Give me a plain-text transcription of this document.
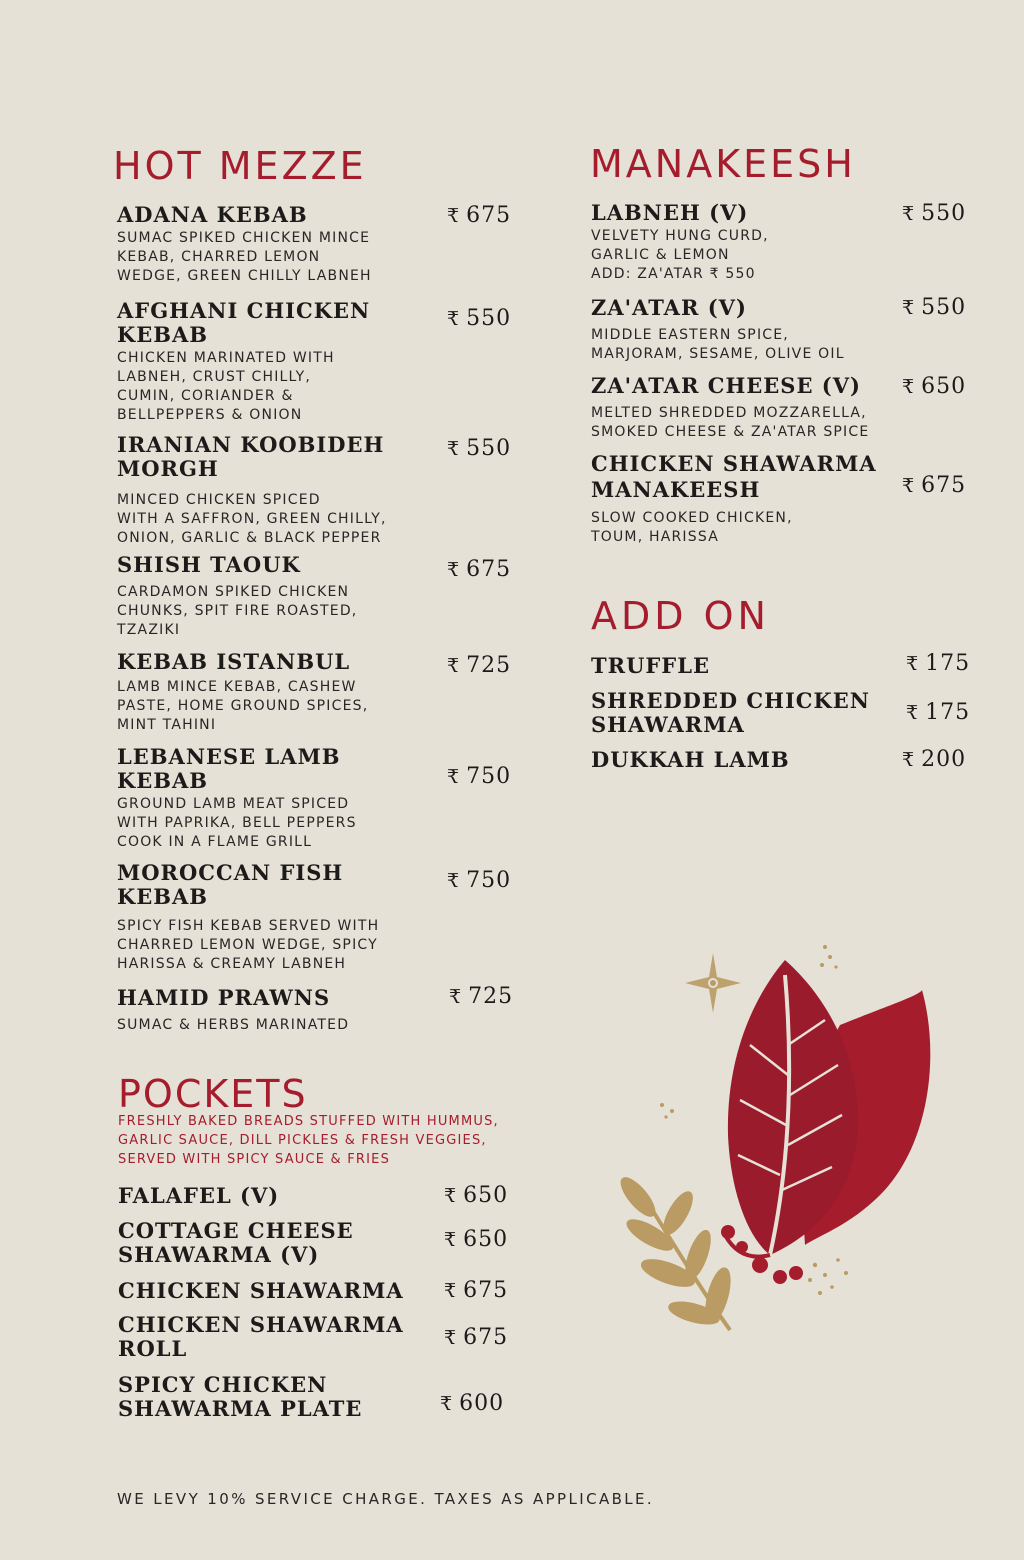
HOT MEZZE
ADANA KEBAB
SUMAC SPIKED CHICKEN MINCE
KEBAB, CHARRED LEMON
WEDGE, GREEN CHILLY LABNEH
₹ 675
AFGHANI CHICKEN KEBAB
CHICKEN MARINATED WITH
LABNEH, CRUST CHILLY,
CUMIN, CORIANDER &
BELLPEPPERS & ONION
₹ 550
IRANIAN KOOBIDEH MORGH
MINCED CHICKEN SPICED
WITH A SAFFRON, GREEN CHILLY,
ONION, GARLIC & BLACK PEPPER
₹ 550
SHISH TAOUK
CARDAMON SPIKED CHICKEN
CHUNKS, SPIT FIRE ROASTED,
TZAZIKI
₹ 675
KEBAB ISTANBUL
LAMB MINCE KEBAB, CASHEW
PASTE, HOME GROUND SPICES,
MINT TAHINI
₹ 725
LEBANESE LAMB KEBAB
GROUND LAMB MEAT SPICED
WITH PAPRIKA, BELL PEPPERS
COOK IN A FLAME GRILL
₹ 750
MOROCCAN FISH KEBAB
SPICY FISH KEBAB SERVED WITH
CHARRED LEMON WEDGE, SPICY
HARISSA & CREAMY LABNEH
₹ 750
HAMID PRAWNS
SUMAC & HERBS MARINATED
₹ 725
POCKETS
FRESHLY BAKED BREADS STUFFED WITH HUMMUS,
GARLIC SAUCE, DILL PICKLES & FRESH VEGGIES,
SERVED WITH SPICY SAUCE & FRIES
FALAFEL (V)	₹ 650
COTTAGE CHEESE SHAWARMA (V)
₹ 650
CHICKEN SHAWARMA	₹ 675
CHICKEN SHAWARMA ROLL	₹ 675
SPICY CHICKEN SHAWARMA PLATE	₹ 600
MANAKEESH
LABNEH (V)
VELVETY HUNG CURD,
GARLIC & LEMON
ADD: ZA'ATAR ₹ 550
₹ 550
ZA'ATAR (V)
MIDDLE EASTERN SPICE,
MARJORAM, SESAME, OLIVE OIL
₹ 550
ZA'ATAR CHEESE (V)
MELTED SHREDDED MOZZARELLA,
SMOKED CHEESE & ZA'ATAR SPICE
₹ 650
CHICKEN SHAWARMA MANAKEESH
SLOW COOKED CHICKEN,
TOUM, HARISSA
₹ 675
ADD ON
TRUFFLE	₹ 175
SHREDDED CHICKEN SHAWARMA	₹ 175
DUKKAH LAMB	₹ 200
WE LEVY 10% SERVICE CHARGE. TAXES AS APPLICABLE.
